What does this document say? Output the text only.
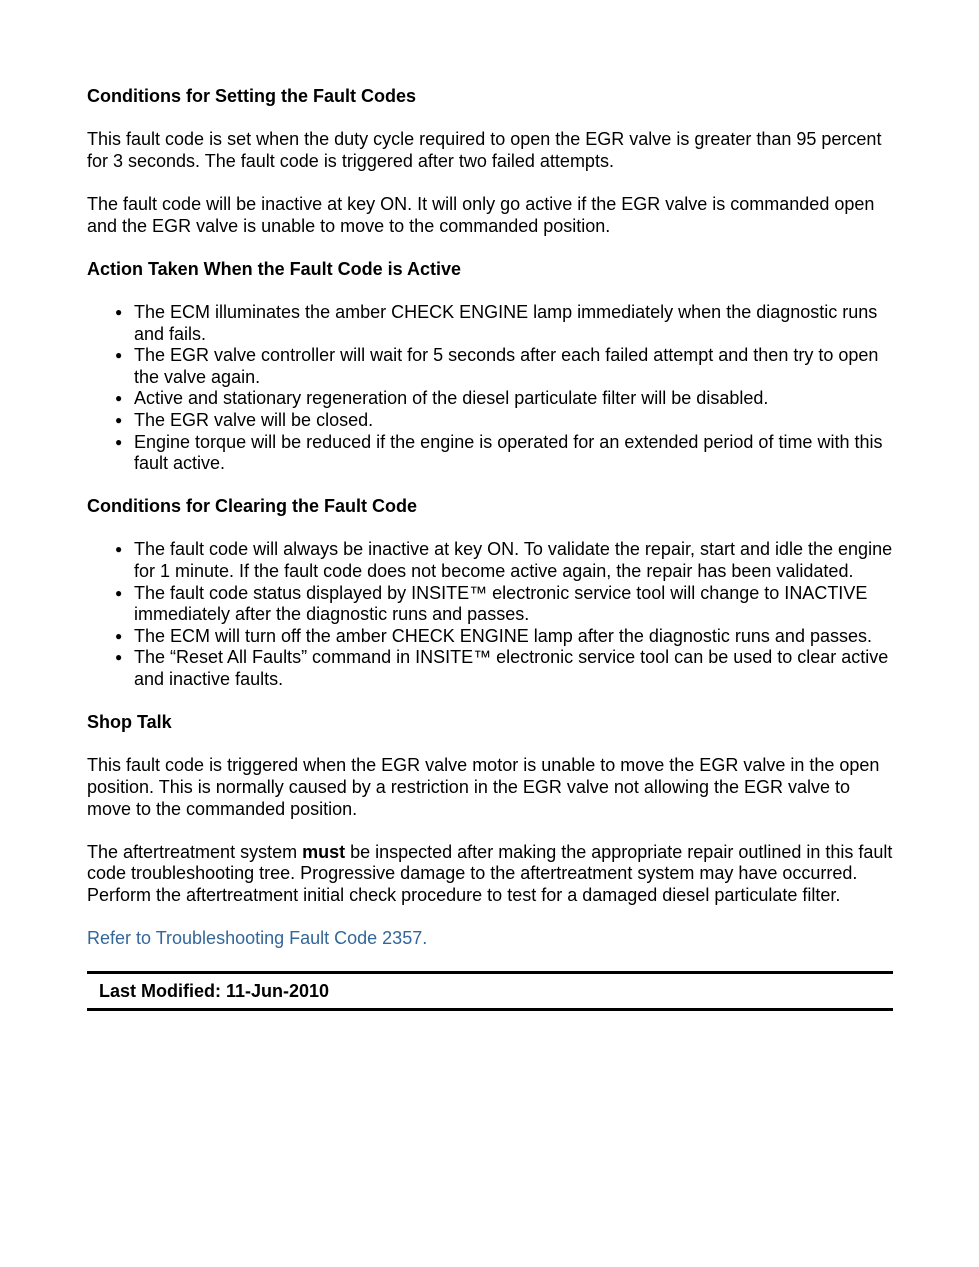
Conditions for Setting the Fault Codes

This fault code is set when the duty cycle required to open the EGR valve is greater than 95 percent for 3 seconds. The fault code is triggered after two failed attempts.

The fault code will be inactive at key ON. It will only go active if the EGR valve is commanded open and the EGR valve is unable to move to the commanded position.

Action Taken When the Fault Code is Active
● The ECM illuminates the amber CHECK ENGINE lamp immediately when the diagnostic runs and fails.
● The EGR valve controller will wait for 5 seconds after each failed attempt and then try to open the valve again.
● Active and stationary regeneration of the diesel particulate filter will be disabled.
● The EGR valve will be closed.
● Engine torque will be reduced if the engine is operated for an extended period of time with this fault active.
Conditions for Clearing the Fault Code
● The fault code will always be inactive at key ON. To validate the repair, start and idle the engine for 1 minute. If the fault code does not become active again, the repair has been validated.
● The fault code status displayed by INSITE™ electronic service tool will change to INACTIVE immediately after the diagnostic runs and passes.
● The ECM will turn off the amber CHECK ENGINE lamp after the diagnostic runs and passes.
● The “Reset All Faults” command in INSITE™ electronic service tool can be used to clear active and inactive faults.
Shop Talk

This fault code is triggered when the EGR valve motor is unable to move the EGR valve in the open position. This is normally caused by a restriction in the EGR valve not allowing the EGR valve to move to the commanded position.

The aftertreatment system must be inspected after making the appropriate repair outlined in this fault code troubleshooting tree. Progressive damage to the aftertreatment system may have occurred. Perform the aftertreatment initial check procedure to test for a damaged diesel particulate filter.

Refer to Troubleshooting Fault Code 2357.

Last Modified: 11-Jun-2010
